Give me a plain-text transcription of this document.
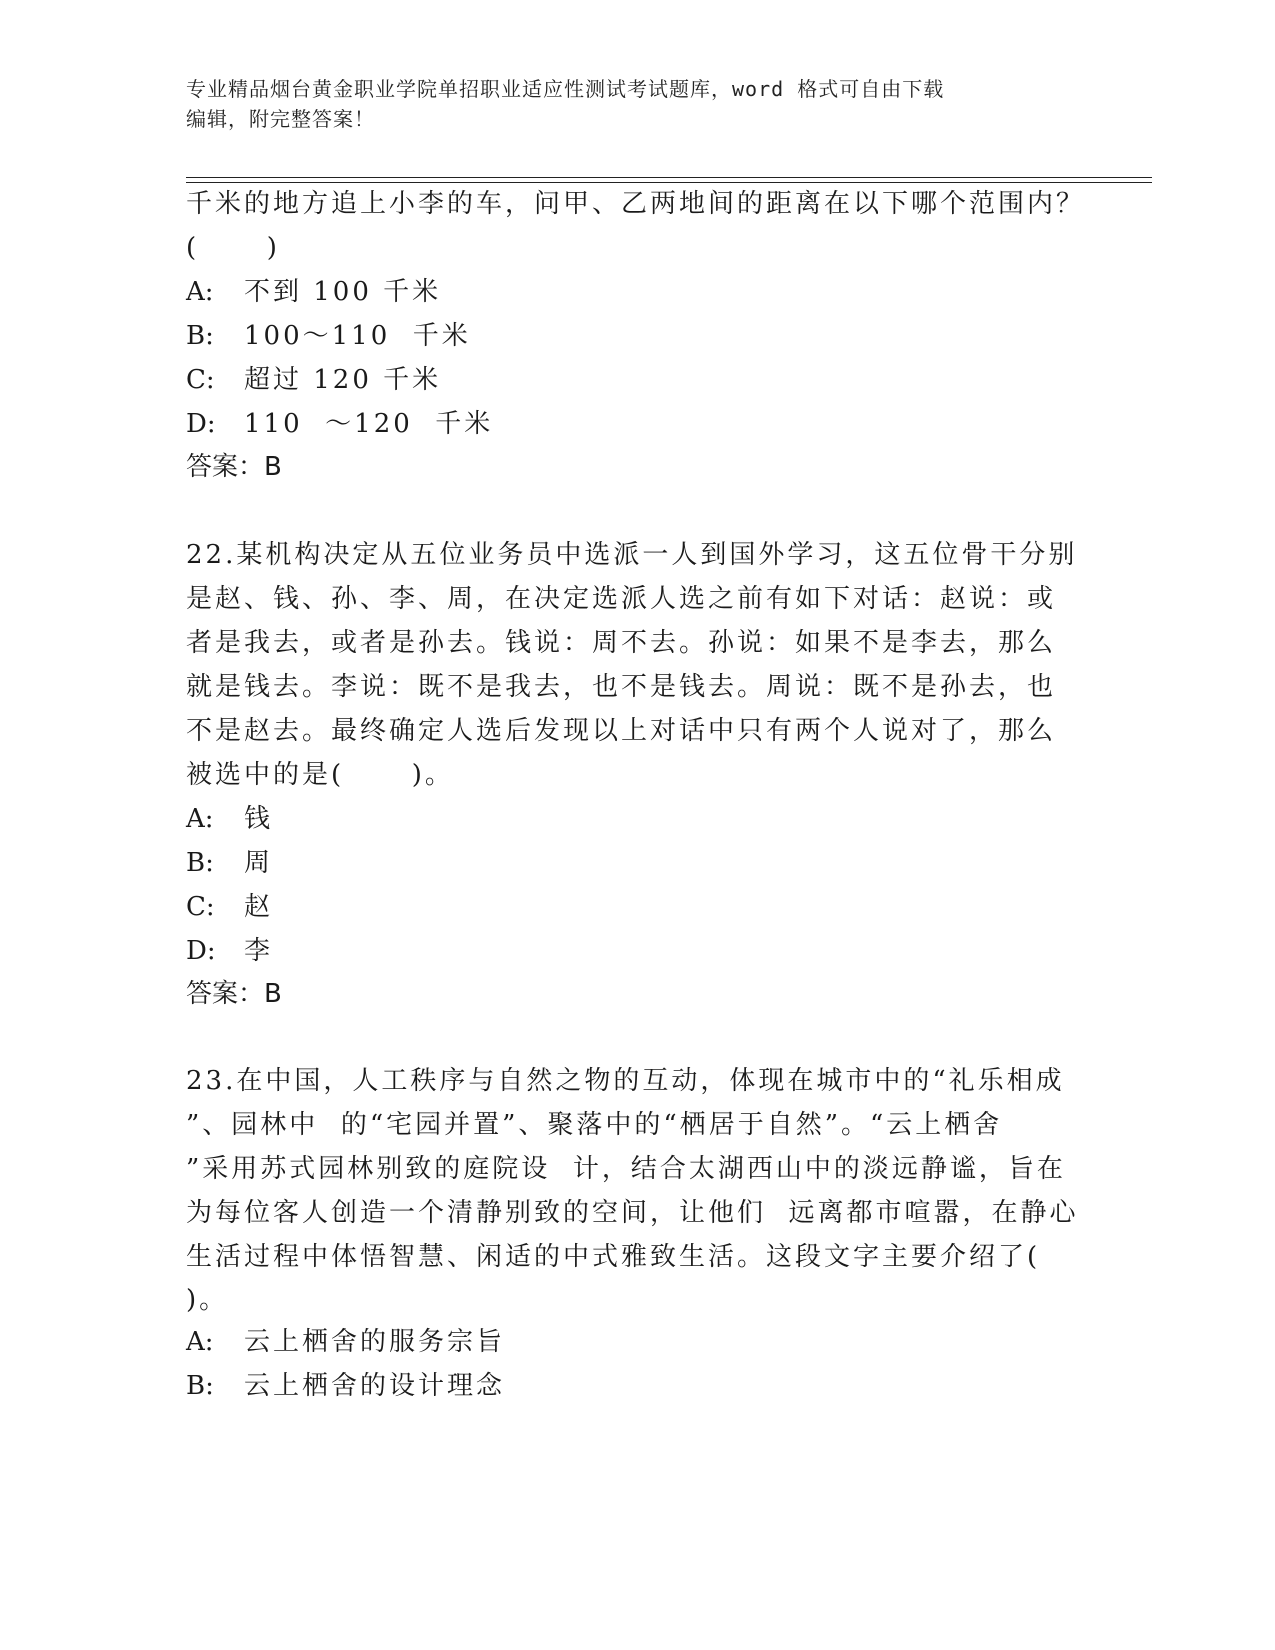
专业精品烟台黄金职业学院单招职业适应性测试考试题库，word 格式可自由下载
编辑，附完整答案！
千米的地方追上小李的车，问甲、乙两地间的距离在以下哪个范围内？
(      )
A: 不到 100 千米
B: 100～110  千米
C: 超过 120 千米
D: 110  ～120  千米
答案：B
22.某机构决定从五位业务员中选派一人到国外学习，这五位骨干分别
是赵、钱、孙、李、周，在决定选派人选之前有如下对话：赵说：或
者是我去，或者是孙去。钱说：周不去。孙说：如果不是李去，那么
就是钱去。李说：既不是我去，也不是钱去。周说：既不是孙去，也
不是赵去。最终确定人选后发现以上对话中只有两个人说对了，那么
被选中的是(      )。
A: 钱
B: 周
C: 赵
D: 李
答案：B
23.在中国，人工秩序与自然之物的互动，体现在城市中的“礼乐相成
”、园林中  的“宅园并置”、聚落中的“栖居于自然”。“云上栖舍
”采用苏式园林别致的庭院设  计，结合太湖西山中的淡远静谧，旨在
为每位客人创造一个清静别致的空间，让他们  远离都市喧嚣，在静心
生活过程中体悟智慧、闲适的中式雅致生活。这段文字主要介绍了(
)。
A: 云上栖舍的服务宗旨
B: 云上栖舍的设计理念
